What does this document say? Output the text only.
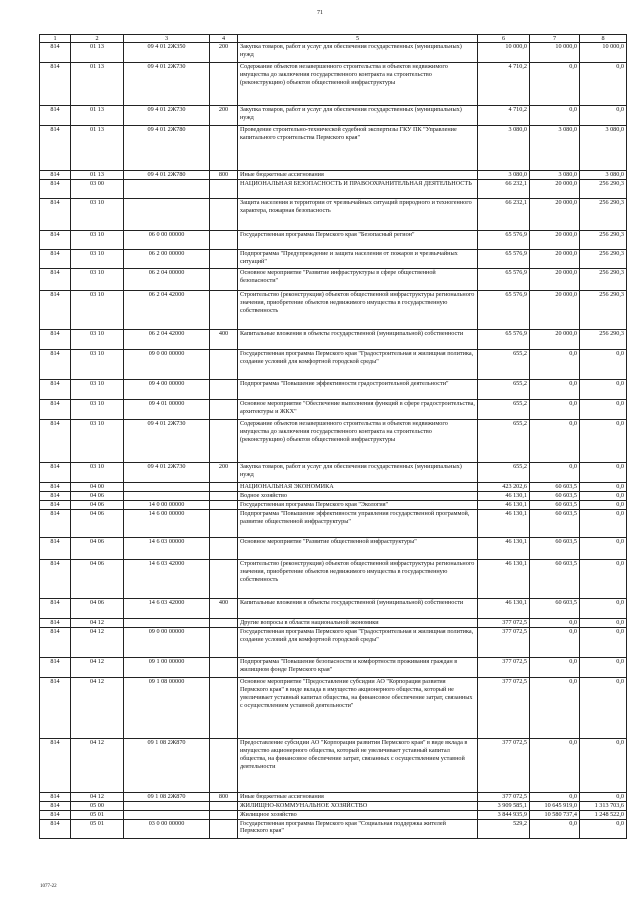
71
1	2	3	4	5	6	7	8
814	01 13	09 4 01 2Ж350	200	Закупка товаров, работ и услуг для обеспечения государственных (муниципальных) нужд	10 000,0	10 000,0	10 000,0
814	01 13	09 4 01 2Ж730		Содержание объектов незавершенного строительства и объектов недвижимого имущества до заключения государственного контракта на строительство (реконструкцию) объектов общественной инфраструктуры	4 710,2	0,0	0,0
814	01 13	09 4 01 2Ж730	200	Закупка товаров, работ и услуг для обеспечения государственных (муниципальных) нужд	4 710,2	0,0	0,0
814	01 13	09 4 01 2Ж780		Проведение строительно-технической судебной экспертизы ГКУ ПК "Управление капитального строительства Пермского края"	3 080,0	3 080,0	3 080,0
814	01 13	09 4 01 2Ж780	800	Иные бюджетные ассигнования	3 080,0	3 080,0	3 080,0
814	03 00			НАЦИОНАЛЬНАЯ БЕЗОПАСНОСТЬ И ПРАВООХРАНИТЕЛЬНАЯ ДЕЯТЕЛЬНОСТЬ	66 232,1	20 000,0	256 290,3
814	03 10			Защита населения и территории от чрезвычайных ситуаций природного и техногенного характера, пожарная безопасность	66 232,1	20 000,0	256 290,3
814	03 10	06 0 00 00000		Государственная программа Пермского края "Безопасный регион"	65 576,9	20 000,0	256 290,3
814	03 10	06 2 00 00000		Подпрограмма "Предупреждение и защита населения от пожаров и чрезвычайных ситуаций"	65 576,9	20 000,0	256 290,3
814	03 10	06 2 04 00000		Основное мероприятие "Развитие инфраструктуры в сфере общественной безопасности"	65 576,9	20 000,0	256 290,3
814	03 10	06 2 04 42000		Строительство (реконструкция) объектов общественной инфраструктуры регионального значения, приобретение объектов недвижимого имущества в государственную собственность	65 576,9	20 000,0	256 290,3
814	03 10	06 2 04 42000	400	Капитальные вложения в объекты государственной (муниципальной) собственности	65 576,9	20 000,0	256 290,3
814	03 10	09 0 00 00000		Государственная программа Пермского края "Градостроительная и жилищная политика, создание условий для комфортной городской среды"	655,2	0,0	0,0
814	03 10	09 4 00 00000		Подпрограмма "Повышение эффективности градостроительной деятельности"	655,2	0,0	0,0
814	03 10	09 4 01 00000		Основное мероприятие "Обеспечение выполнения функций в сфере градостроительства, архитектуры и ЖКХ"	655,2	0,0	0,0
814	03 10	09 4 01 2Ж730		Содержание объектов незавершенного строительства и объектов недвижимого имущества до заключения государственного контракта на строительство (реконструкцию) объектов общественной инфраструктуры	655,2	0,0	0,0
814	03 10	09 4 01 2Ж730	200	Закупка товаров, работ и услуг для обеспечения государственных (муниципальных) нужд	655,2	0,0	0,0
814	04 00			НАЦИОНАЛЬНАЯ ЭКОНОМИКА	423 202,6	60 603,5	0,0
814	04 06			Водное хозяйство	46 130,1	60 603,5	0,0
814	04 06	14 0 00 00000		Государственная программа Пермского края "Экология"	46 130,1	60 603,5	0,0
814	04 06	14 6 00 00000		Подпрограмма "Повышение эффективности управления государственной программой, развитие общественной инфраструктуры"	46 130,1	60 603,5	0,0
814	04 06	14 6 03 00000		Основное мероприятие "Развитие общественной инфраструктуры"	46 130,1	60 603,5	0,0
814	04 06	14 6 03 42000		Строительство (реконструкция) объектов общественной инфраструктуры регионального значения, приобретение объектов недвижимого имущества в государственную собственность	46 130,1	60 603,5	0,0
814	04 06	14 6 03 42000	400	Капитальные вложения в объекты государственной (муниципальной) собственности	46 130,1	60 603,5	0,0
814	04 12			Другие вопросы в области национальной экономики	377 072,5	0,0	0,0
814	04 12	09 0 00 00000		Государственная программа Пермского края "Градостроительная и жилищная политика, создание условий для комфортной городской среды"	377 072,5	0,0	0,0
814	04 12	09 1 00 00000		Подпрограмма "Повышение безопасности и комфортности проживания граждан в жилищном фонде Пермского края"	377 072,5	0,0	0,0
814	04 12	09 1 08 00000		Основное мероприятие "Предоставление субсидии АО "Корпорация развития Пермского края" в виде вклада в имущество акционерного общества, который не увеличивает уставный капитал общества, на финансовое обеспечение затрат, связанных с осуществлением уставной деятельности"	377 072,5	0,0	0,0
814	04 12	09 1 08 2Ж870		Предоставление субсидии АО "Корпорация развития Пермского края" в виде вклада в имущество акционерного общества, который не увеличивает уставный капитал общества, на финансовое обеспечение затрат, связанных с осуществлением уставной деятельности	377 072,5	0,0	0,0
814	04 12	09 1 08 2Ж870	800	Иные бюджетные ассигнования	377 072,5	0,0	0,0
814	05 00			ЖИЛИЩНО-КОММУНАЛЬНОЕ ХОЗЯЙСТВО	3 909 585,1	10 645 919,0	1 313 703,6
814	05 01			Жилищное хозяйство	3 844 935,9	10 580 737,4	1 248 522,0
814	05 01	03 0 00 00000		Государственная программа Пермского края "Социальная поддержка жителей Пермского края"	529,2	0,0	0,0
1077-22
